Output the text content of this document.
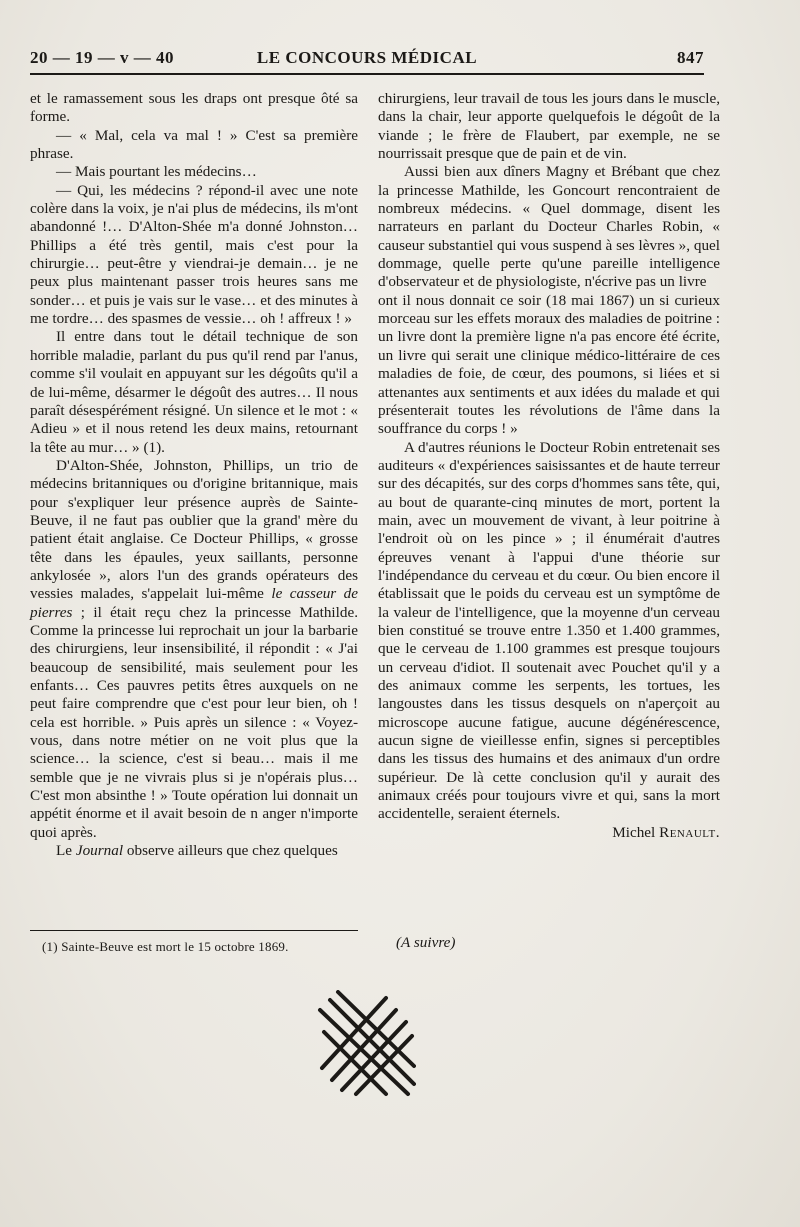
20 — 19 — v — 40	LE CONCOURS MÉDICAL	847

et le ramassement sous les draps ont presque ôté sa forme.

— « Mal, cela va mal ! » C'est sa première phrase.

— Mais pourtant les médecins…

— Qui, les médecins ? répond-il avec une note colère dans la voix, je n'ai plus de médecins, ils m'ont abandonné !… D'Alton-Shée m'a donné Johnston… Phillips a été très gentil, mais c'est pour la chirurgie… peut-être y viendrai-je demain… je ne peux plus maintenant passer trois heures sans me sonder… et puis je vais sur le vase… et des minutes à me tordre… des spasmes de vessie… oh ! affreux ! »

Il entre dans tout le détail technique de son horrible maladie, parlant du pus qu'il rend par l'anus, comme s'il voulait en appuyant sur les dégoûts qu'il a de lui-même, désarmer le dégoût des autres… Il nous paraît désespérément résigné. Un silence et le mot : « Adieu » et il nous retend les deux mains, retournant la tête au mur… » (1).

D'Alton-Shée, Johnston, Phillips, un trio de médecins britanniques ou d'origine britannique, mais pour s'expliquer leur présence auprès de Sainte-Beuve, il ne faut pas oublier que la grand' mère du patient était anglaise. Ce Docteur Phillips, « grosse tête dans les épaules, yeux saillants, personne ankylosée », alors l'un des grands opérateurs des vessies malades, s'appelait lui-même le casseur de pierres ; il était reçu chez la princesse Mathilde. Comme la princesse lui reprochait un jour la barbarie des chirurgiens, leur insensibilité, il répondit : « J'ai beaucoup de sensibilité, mais seulement pour les enfants… Ces pauvres petits êtres auxquels on ne peut faire comprendre que c'est pour leur bien, oh ! cela est horrible. » Puis après un silence : « Voyez-vous, dans notre métier on ne voit plus que la science… la science, c'est si beau… mais il me semble que je ne vivrais plus si je n'opérais plus… C'est mon absinthe ! » Toute opération lui donnait un appétit énorme et il avait besoin de n anger n'importe quoi après.

Le Journal observe ailleurs que chez quelques

chirurgiens, leur travail de tous les jours dans le muscle, dans la chair, leur apporte quelquefois le dégoût de la viande ; le frère de Flaubert, par exemple, ne se nourrissait presque que de pain et de vin.

Aussi bien aux dîners Magny et Brébant que chez la princesse Mathilde, les Goncourt rencontraient de nombreux médecins. « Quel dommage, disent les narrateurs en parlant du Docteur Charles Robin, « causeur substantiel qui vous suspend à ses lèvres », quel dommage, quelle perte qu'une pareille intelligence d'observateur et de physiologiste, n'écrive pas un livre

ont il nous donnait ce soir (18 mai 1867) un si curieux morceau sur les effets moraux des maladies de poitrine : un livre dont la première ligne n'a pas encore été écrite, un livre qui serait une clinique médico-littéraire de ces maladies de foie, de cœur, des poumons, si liées et si attenantes aux sentiments et aux idées du malade et qui présenterait toutes les révolutions de l'âme dans la souffrance du corps ! »

A d'autres réunions le Docteur Robin entretenait ses auditeurs « d'expériences saisissantes et de haute terreur sur des décapités, sur des corps d'hommes sans tête, qui, au bout de quarante-cinq minutes de mort, portent la main, avec un mouvement de vivant, à leur poitrine à l'endroit où on les pince » ; il énumérait d'autres épreuves venant à l'appui d'une théorie sur l'indépendance du cerveau et du cœur. Ou bien encore il établissait que le poids du cerveau est un symptôme de la valeur de l'intelligence, que la moyenne d'un cerveau bien constitué se trouve entre 1.350 et 1.400 grammes, que le cerveau de 1.100 grammes est presque toujours un cerveau d'idiot. Il soutenait avec Pouchet qu'il y a des animaux comme les serpents, les tortues, les langoustes dans les tissus desquels on n'aperçoit au microscope aucune fatigue, aucune dégénérescence, aucun signe de vieillesse enfin, signes si perceptibles dans les tissus des humains et des animaux d'un ordre supérieur. De là cette conclusion qu'il y aurait des animaux créés pour toujours vivre et qui, sans la mort accidentelle, seraient éternels.

Michel Renault.

(1) Sainte-Beuve est mort le 15 octobre 1869.	(A suivre)
